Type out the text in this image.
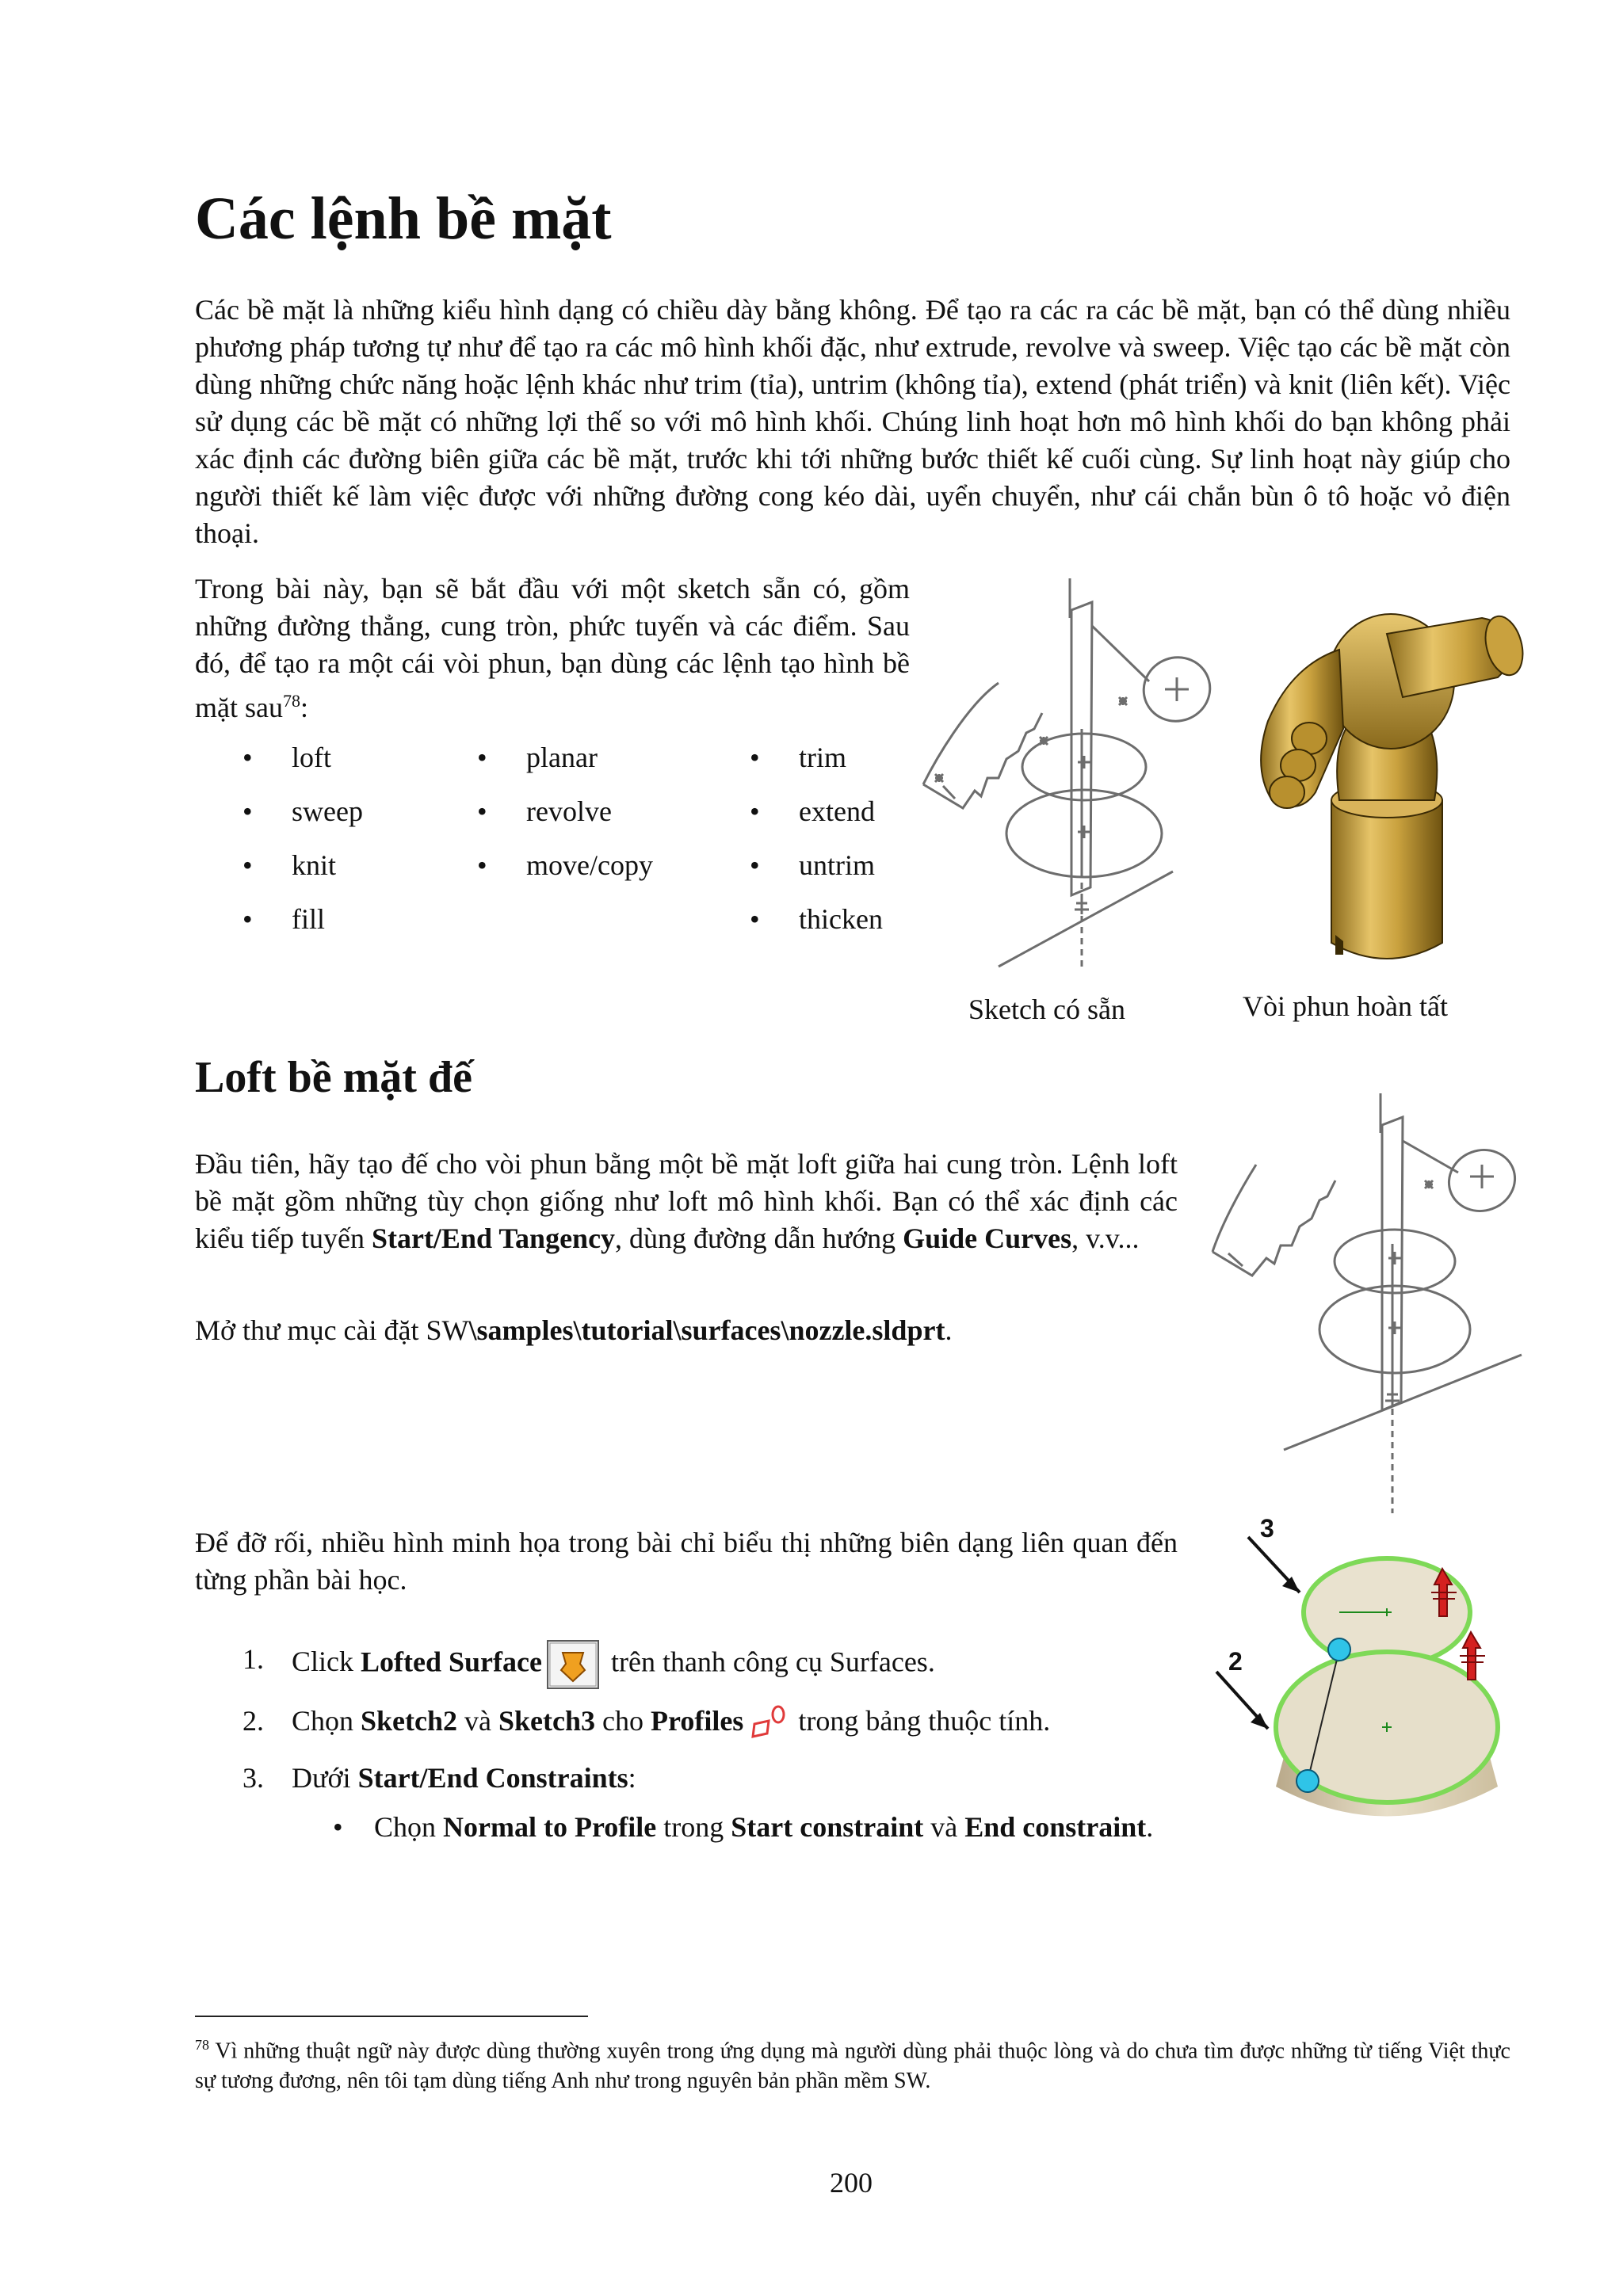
Các lệnh bề mặt
Các bề mặt là những kiểu hình dạng có chiều dày bằng không. Để tạo ra các ra các bề mặt, bạn có thể dùng nhiều phương pháp tương tự như để tạo ra các mô hình khối đặc, như extrude, revolve và sweep. Việc tạo các bề mặt còn dùng những chức năng hoặc lệnh khác như trim (tỉa), untrim (không tỉa), extend (phát triển) và knit (liên kết). Việc sử dụng các bề mặt có những lợi thế so với mô hình khối. Chúng linh hoạt hơn mô hình khối do bạn không phải xác định các đường biên giữa các bề mặt, trước khi tới những bước thiết kế cuối cùng. Sự linh hoạt này giúp cho người thiết kế làm việc được với những đường cong kéo dài, uyển chuyển, như cái chắn bùn ô tô hoặc vỏ điện thoại.
Trong bài này, bạn sẽ bắt đầu với một sketch sẵn có, gồm những đường thẳng, cung tròn, phức tuyến và các điểm. Sau đó, để tạo ra một cái vòi phun, bạn dùng các lệnh tạo hình bề mặt sau$^{78}$:
• loft
• sweep
• knit
• fill
• planar
• revolve
• move/copy
• trim
• extend
• untrim
• thicken
Sketch có sẵn	Vòi phun hoàn tất
Loft bề mặt đế
Đầu tiên, hãy tạo đế cho vòi phun bằng một bề mặt loft giữa hai cung tròn. Lệnh loft bề mặt gồm những tùy chọn giống như loft mô hình khối. Bạn có thể xác định các kiểu tiếp tuyến Start/End Tangency, dùng đường dẫn hướng Guide Curves, v.v...
Mở thư mục cài đặt SW\samples\tutorial\surfaces\nozzle.sldprt.
Để đỡ rối, nhiều hình minh họa trong bài chỉ biểu thị những biên dạng liên quan đến từng phần bài học.
1. Click Lofted Surface trên thanh công cụ Surfaces.
2. Chọn Sketch2 và Sketch3 cho Profiles trong bảng thuộc tính.
3. Dưới Start/End Constraints:
• Chọn Normal to Profile trong Start constraint và End constraint.
3
2
$^{78}$ Vì những thuật ngữ này được dùng thường xuyên trong ứng dụng mà người dùng phải thuộc lòng và do chưa tìm được những từ tiếng Việt thực sự tương đương, nên tôi tạm dùng tiếng Anh như trong nguyên bản phần mềm SW.
200
